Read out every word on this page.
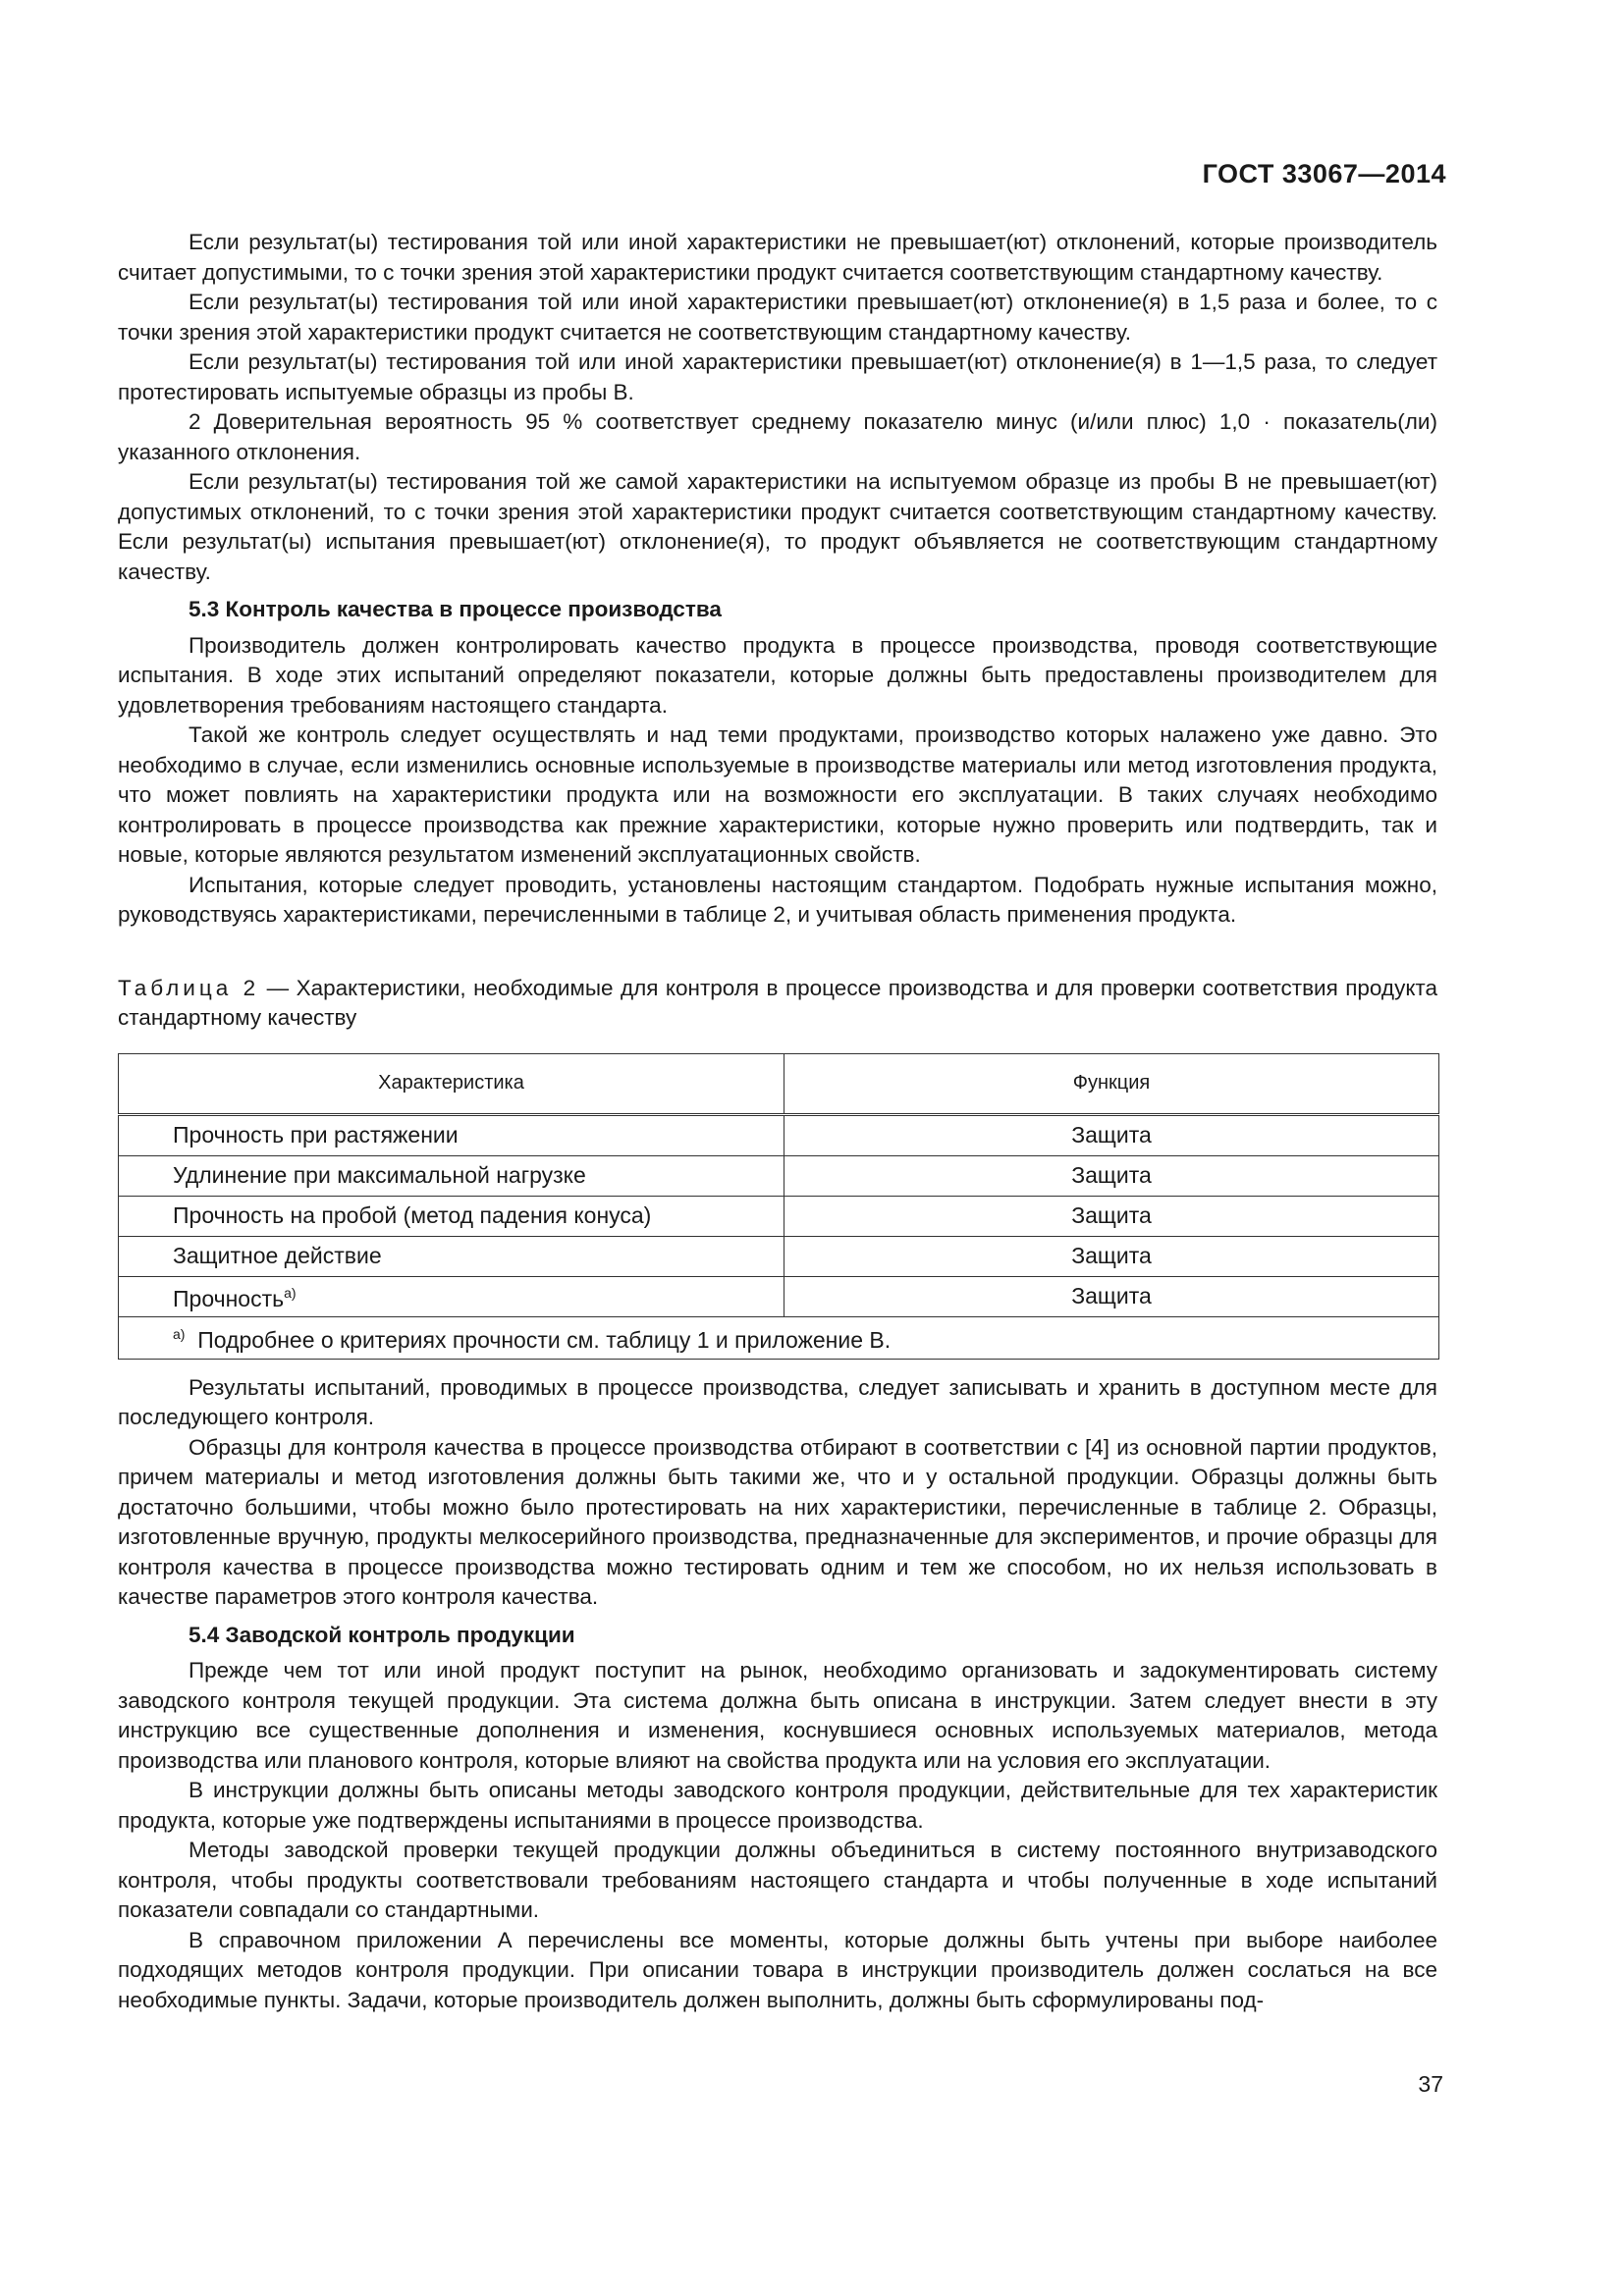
ГОСТ 33067—2014

Если результат(ы) тестирования той или иной характеристики не превышает(ют) отклонений, которые производитель считает допустимыми, то с точки зрения этой характеристики продукт считается соответствующим стандартному качеству.

Если результат(ы) тестирования той или иной характеристики превышает(ют) отклонение(я) в 1,5 раза и более, то с точки зрения этой характеристики продукт считается не соответствующим стандартному качеству.

Если результат(ы) тестирования той или иной характеристики превышает(ют) отклонение(я) в 1—1,5 раза, то следует протестировать испытуемые образцы из пробы В.

2 Доверительная вероятность 95 % соответствует среднему показателю минус (и/или плюс) 1,0 · показатель(ли) указанного отклонения.

Если результат(ы) тестирования той же самой характеристики на испытуемом образце из пробы В не превышает(ют) допустимых отклонений, то с точки зрения этой характеристики продукт считается соответствующим стандартному качеству. Если результат(ы) испытания превышает(ют) отклонение(я), то продукт объявляется не соответствующим стандартному качеству.

5.3 Контроль качества в процессе производства

Производитель должен контролировать качество продукта в процессе производства, проводя соответствующие испытания. В ходе этих испытаний определяют показатели, которые должны быть предоставлены производителем для удовлетворения требованиям настоящего стандарта.

Такой же контроль следует осуществлять и над теми продуктами, производство которых налажено уже давно. Это необходимо в случае, если изменились основные используемые в производстве материалы или метод изготовления продукта, что может повлиять на характеристики продукта или на возможности его эксплуатации. В таких случаях необходимо контролировать в процессе производства как прежние характеристики, которые нужно проверить или подтвердить, так и новые, которые являются результатом изменений эксплуатационных свойств.

Испытания, которые следует проводить, установлены настоящим стандартом. Подобрать нужные испытания можно, руководствуясь характеристиками, перечисленными в таблице 2, и учитывая область применения продукта.

Таблица 2 — Характеристики, необходимые для контроля в процессе производства и для проверки соответствия продукта стандартному качеству

Характеристика	Функция
Прочность при растяжении	Защита
Удлинение при максимальной нагрузке	Защита
Прочность на пробой (метод падения конуса)	Защита
Защитное действие	Защита
Прочность$^{а)}$	Защита
$^{а)}$ Подробнее о критериях прочности см. таблицу 1 и приложение В.	

Результаты испытаний, проводимых в процессе производства, следует записывать и хранить в доступном месте для последующего контроля.

Образцы для контроля качества в процессе производства отбирают в соответствии с [4] из основной партии продуктов, причем материалы и метод изготовления должны быть такими же, что и у остальной продукции. Образцы должны быть достаточно большими, чтобы можно было протестировать на них характеристики, перечисленные в таблице 2. Образцы, изготовленные вручную, продукты мелкосерийного производства, предназначенные для экспериментов, и прочие образцы для контроля качества в процессе производства можно тестировать одним и тем же способом, но их нельзя использовать в качестве параметров этого контроля качества.

5.4 Заводской контроль продукции

Прежде чем тот или иной продукт поступит на рынок, необходимо организовать и задокументировать систему заводского контроля текущей продукции. Эта система должна быть описана в инструкции. Затем следует внести в эту инструкцию все существенные дополнения и изменения, коснувшиеся основных используемых материалов, метода производства или планового контроля, которые влияют на свойства продукта или на условия его эксплуатации.

В инструкции должны быть описаны методы заводского контроля продукции, действительные для тех характеристик продукта, которые уже подтверждены испытаниями в процессе производства.

Методы заводской проверки текущей продукции должны объединиться в систему постоянного внутризаводского контроля, чтобы продукты соответствовали требованиям настоящего стандарта и чтобы полученные в ходе испытаний показатели совпадали со стандартными.

В справочном приложении А перечислены все моменты, которые должны быть учтены при выборе наиболее подходящих методов контроля продукции. При описании товара в инструкции производитель должен сослаться на все необходимые пункты. Задачи, которые производитель должен выполнить, должны быть сформулированы под-

37
